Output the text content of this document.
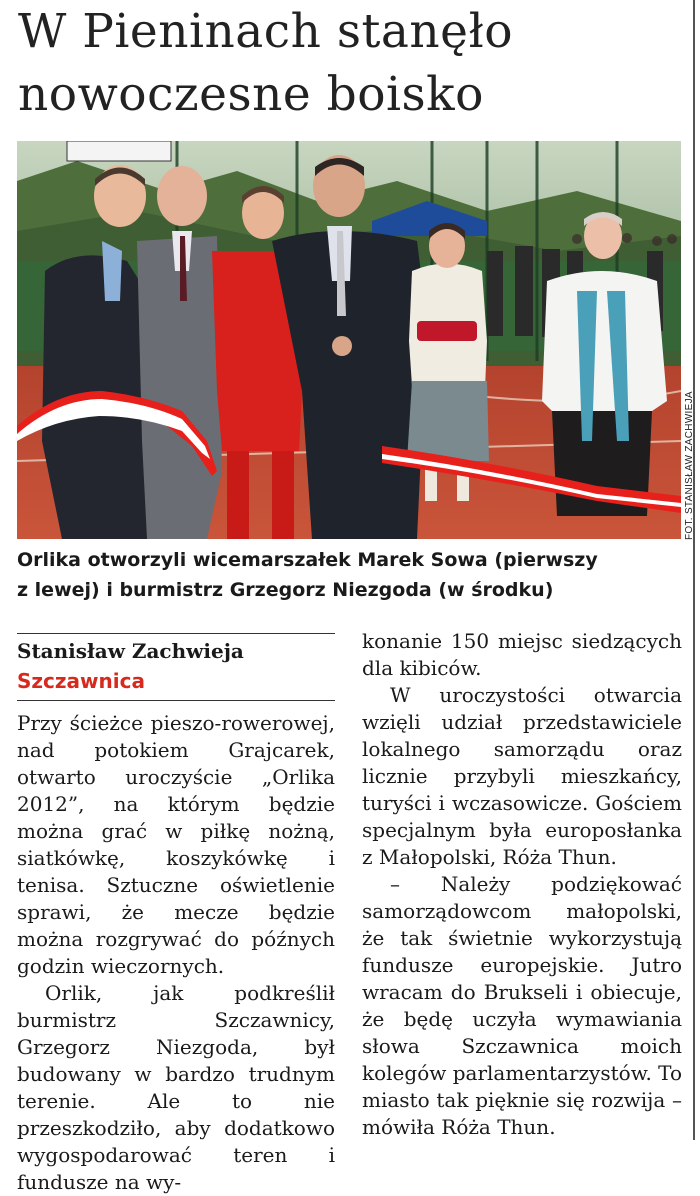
W Pieninach stanęło
nowoczesne boisko
FOT. STANISŁAW ZACHWIEJA

Orlika otworzyli wicemarszałek Marek Sowa (pierwszy
z lewej) i burmistrz Grzegorz Niezgoda (w środku)

Stanisław Zachwieja
Szczawnica

Przy ścieżce pieszo-rowerowej, nad potokiem Grajcarek, otwarto uroczyście „Orlika 2012”, na którym będzie można grać w piłkę nożną, siatkówkę, koszykówkę i tenisa. Sztuczne oświetlenie sprawi, że mecze będzie można rozgrywać do późnych godzin wieczornych.

Orlik, jak podkreślił burmistrz Szczawnicy, Grzegorz Niezgoda, był budowany w bardzo trudnym terenie. Ale to nie przeszkodziło, aby dodatkowo wygospodarować teren i fundusze na wy-

konanie 150 miejsc siedzących dla kibiców.

W uroczystości otwarcia wzięli udział przedstawiciele lokalnego samorządu oraz licznie przybyli mieszkańcy, turyści i wczasowicze. Gościem specjalnym była europosłanka z Małopolski, Róża Thun.

– Należy podziękować samorządowcom małopolski, że tak świetnie wykorzystują fundusze europejskie. Jutro wracam do Brukseli i obiecuje, że będę uczyła wymawiania słowa Szczawnica moich kolegów parlamentarzystów. To miasto tak pięknie się rozwija – mówiła Róża Thun.
